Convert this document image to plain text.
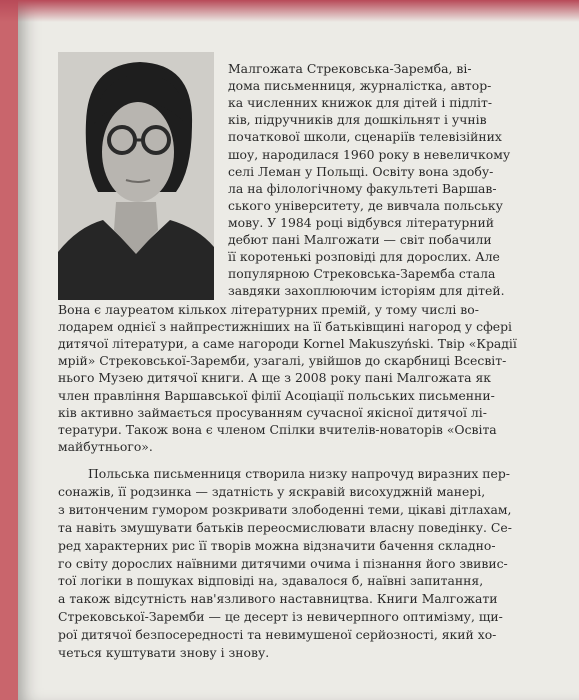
Малгожата Стрековська-Заремба, ві-
дома письменниця, журналістка, автор-
ка численних книжок для дітей і підліт-
ків, підручників для дошкільнят і учнів
початкової школи, сценаріїв телевізійних
шоу, народилася 1960 року в невеличкому
селі Леман у Польщі. Освіту вона здобу-
ла на філологічному факультеті Варшав-
ського університету, де вивчала польську
мову. У 1984 році відбувся літературний
дебют пані Малгожати — світ побачили
її коротенькі розповіді для дорослих. Але
популярною Стрековська-Заремба стала
завдяки захоплюючим історіям для дітей.
Вона є лауреатом кількох літературних премій, у тому числі во-
лодарем однієї з найпрестижніших на її батьківщині нагород у сфері
дитячої літератури, а саме нагороди Kornel Makuszyński. Твір «Крадії
мрій» Стрековської-Заремби, узагалі, увійшов до скарбниці Всесвіт-
нього Музею дитячої книги. А ще з 2008 року пані Малгожата як
член правління Варшавської філії Асоціації польських письменни-
ків активно займається просуванням сучасної якісної дитячої лі-
тератури. Також вона є членом Спілки вчителів-новаторів «Освіта
майбутнього».
Польська письменниця створила низку напрочуд виразних пер-
сонажів, її родзинка — здатність у яскравій висохуджній манері,
з витонченим гумором розкривати злободенні теми, цікаві дітлахам,
та навіть змушувати батьків переосмислювати власну поведінку. Се-
ред характерних рис її творів можна відзначити бачення складно-
го світу дорослих наївними дитячими очима і пізнання його звивис-
тої логіки в пошуках відповіді на, здавалося б, наївні запитання,
а також відсутність нав'язливого наставництва. Книги Малгожати
Стрековської-Заремби — це десерт із невичерпного оптимізму, щи-
рої дитячої безпосередності та невимушеної серйозності, який хо-
четься куштувати знову і знову.
